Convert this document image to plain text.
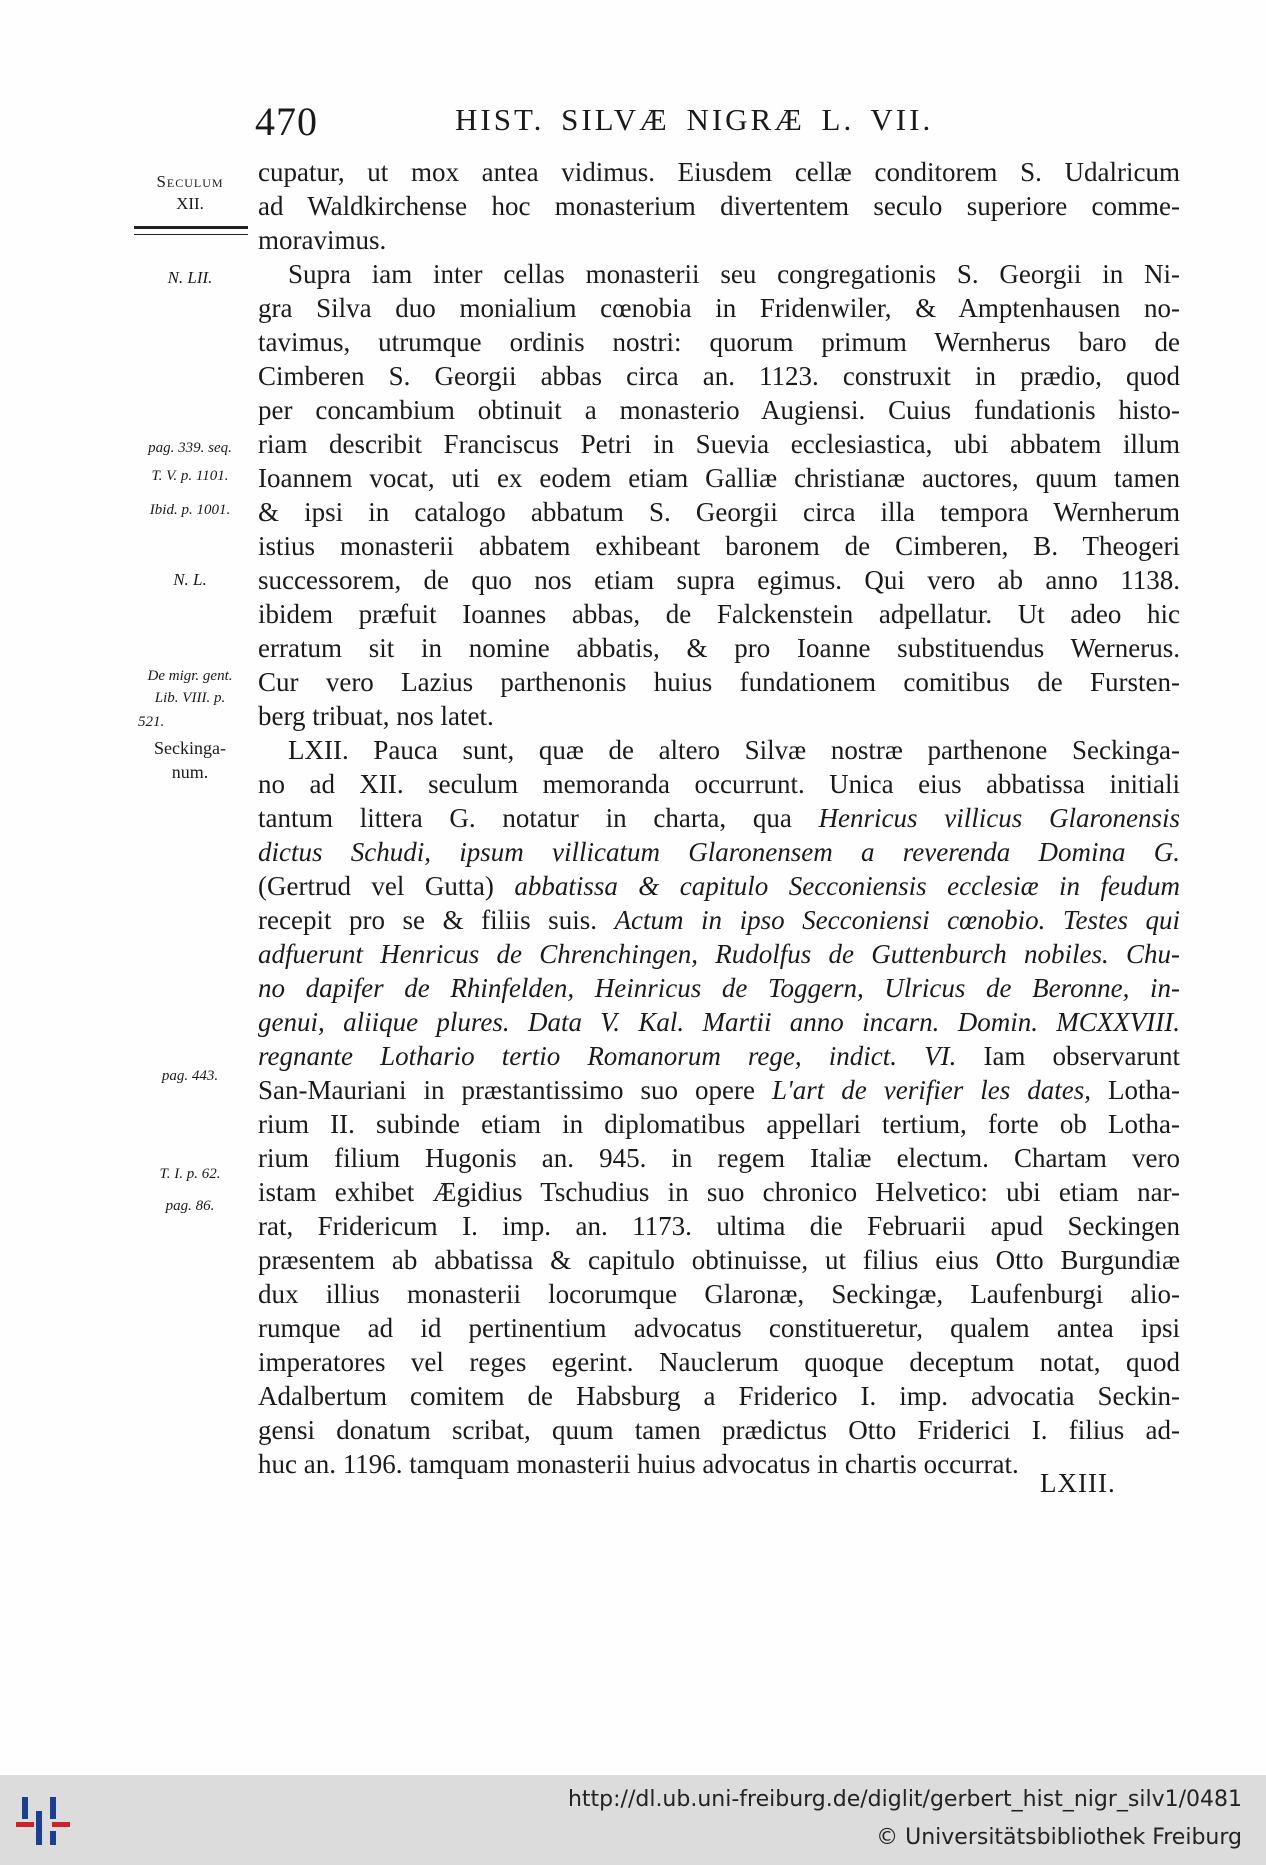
470	HIST. SILVÆ NIGRÆ L. VII.
Seculum
XII.
N. LII.
pag. 339. seq.
T. V. p. 1101.
Ibid. p. 1001.
N. L.
De migr. gent.
Lib. VIII. p.
521.
Seckinga-
num.
pag. 443.
T. I. p. 62.
pag. 86.
cupatur, ut mox antea vidimus. Eiusdem cellæ conditorem S. Udalricum
ad Waldkirchense hoc monasterium divertentem seculo superiore comme-
moravimus.
Supra iam inter cellas monasterii seu congregationis S. Georgii in Ni-
gra Silva duo monialium cœnobia in Fridenwiler, & Amptenhausen no-
tavimus, utrumque ordinis nostri: quorum primum Wernherus baro de
Cimberen S. Georgii abbas circa an. 1123. construxit in prædio, quod
per concambium obtinuit a monasterio Augiensi. Cuius fundationis histo-
riam describit Franciscus Petri in Suevia ecclesiastica, ubi abbatem illum
Ioannem vocat, uti ex eodem etiam Galliæ christianæ auctores, quum tamen
& ipsi in catalogo abbatum S. Georgii circa illa tempora Wernherum
istius monasterii abbatem exhibeant baronem de Cimberen, B. Theogeri
successorem, de quo nos etiam supra egimus. Qui vero ab anno 1138.
ibidem præfuit Ioannes abbas, de Falckenstein adpellatur. Ut adeo hic
erratum sit in nomine abbatis, & pro Ioanne substituendus Wernerus.
Cur vero Lazius parthenonis huius fundationem comitibus de Fursten-
berg tribuat, nos latet.
LXII. Pauca sunt, quæ de altero Silvæ nostræ parthenone Seckinga-
no ad XII. seculum memoranda occurrunt. Unica eius abbatissa initiali
tantum littera G. notatur in charta, qua Henricus villicus Glaronensis
dictus Schudi, ipsum villicatum Glaronensem a reverenda Domina G.
(Gertrud vel Gutta) abbatissa & capitulo Secconiensis ecclesiæ in feudum
recepit pro se & filiis suis. Actum in ipso Secconiensi cœnobio. Testes qui
adfuerunt Henricus de Chrenchingen, Rudolfus de Guttenburch nobiles. Chu-
no dapifer de Rhinfelden, Heinricus de Toggern, Ulricus de Beronne, in-
genui, aliique plures. Data V. Kal. Martii anno incarn. Domin. MCXXVIII.
regnante Lothario tertio Romanorum rege, indict. VI. Iam observarunt
San-Mauriani in præstantissimo suo opere L'art de verifier les dates, Lotha-
rium II. subinde etiam in diplomatibus appellari tertium, forte ob Lotha-
rium filium Hugonis an. 945. in regem Italiæ electum. Chartam vero
istam exhibet Ægidius Tschudius in suo chronico Helvetico: ubi etiam nar-
rat, Fridericum I. imp. an. 1173. ultima die Februarii apud Seckingen
præsentem ab abbatissa & capitulo obtinuisse, ut filius eius Otto Burgundiæ
dux illius monasterii locorumque Glaronæ, Seckingæ, Laufenburgi alio-
rumque ad id pertinentium advocatus constitueretur, qualem antea ipsi
imperatores vel reges egerint. Nauclerum quoque deceptum notat, quod
Adalbertum comitem de Habsburg a Friderico I. imp. advocatia Seckin-
gensi donatum scribat, quum tamen prædictus Otto Friderici I. filius ad-
huc an. 1196. tamquam monasterii huius advocatus in chartis occurrat.
LXIII.
http://dl.ub.uni-freiburg.de/diglit/gerbert_hist_nigr_silv1/0481
© Universitätsbibliothek Freiburg
